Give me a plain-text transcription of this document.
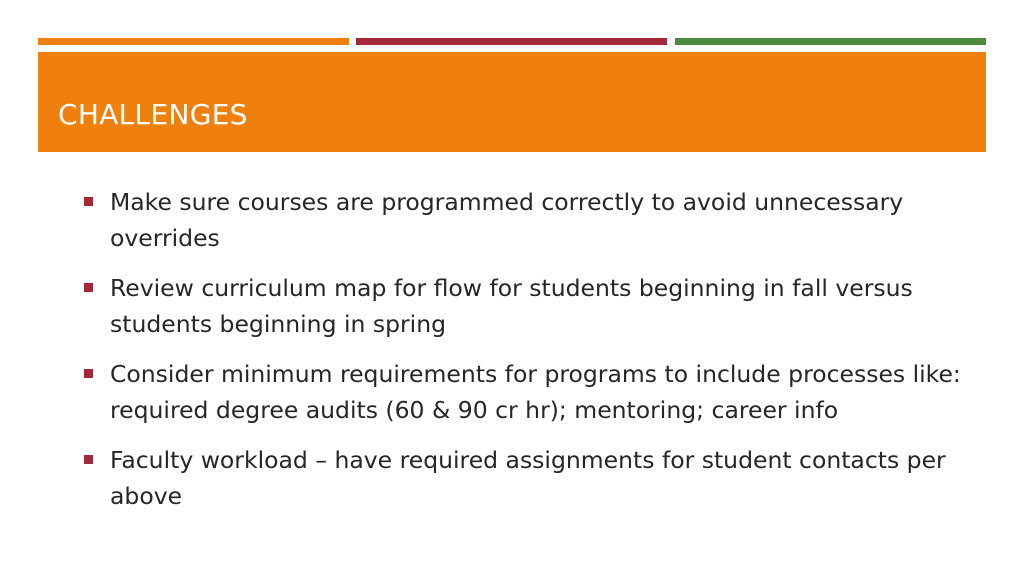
CHALLENGES
Make sure courses are programmed correctly to avoid unnecessary overrides
Review curriculum map for flow for students beginning in fall versus students beginning in spring
Consider minimum requirements for programs to include processes like: required degree audits (60 & 90 cr hr); mentoring; career info
Faculty workload – have required assignments for student contacts per above
